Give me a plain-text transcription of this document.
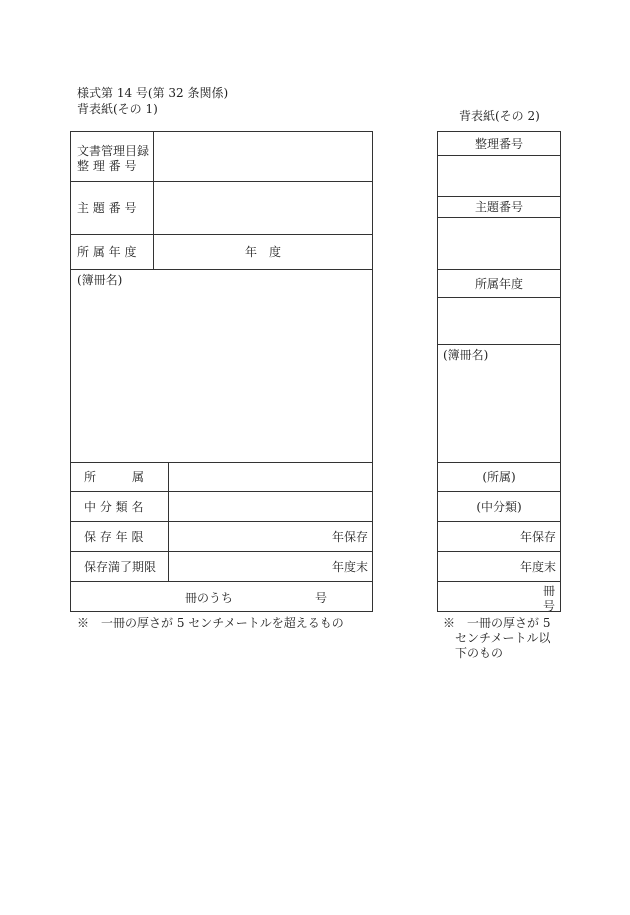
様式第 14 号(第 32 条関係)
背表紙(その 1)	背表紙(その 2)
文書管理目録
整 理 番 号
主 題 番 号
所 属 年 度	年　度
(簿冊名)
所　　　属
中 分 類 名
保 存 年 限	年保存
保存満了期限	年度末
冊のうち	号
※　一冊の厚さが 5 センチメートルを超えるもの
整理番号
主題番号
所属年度
(簿冊名)
(所属)
(中分類)
年保存
年度末
冊
号
※　一冊の厚さが 5
センチメートル以
下のもの
